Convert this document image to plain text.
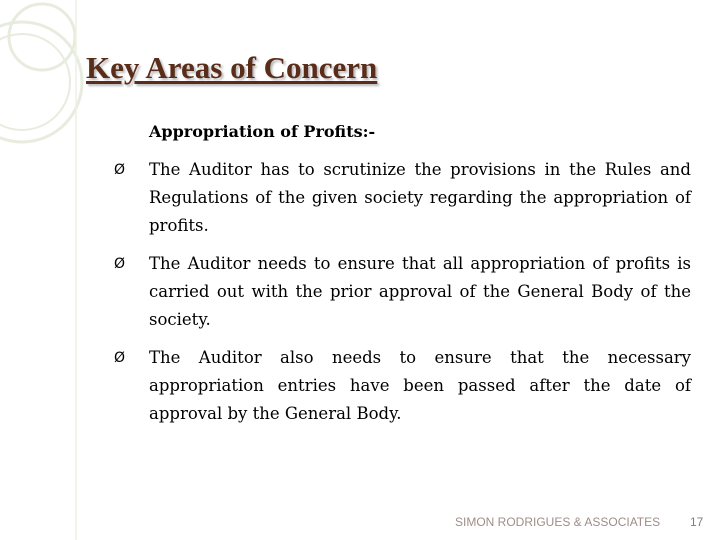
Key Areas of Concern
Appropriation of Profits:-
Ø The Auditor has to scrutinize the provisions in the Rules and Regulations of the given society regarding the appropriation of profits.
Ø The Auditor needs to ensure that all appropriation of profits is carried out with the prior approval of the General Body of the society.
Ø The Auditor also needs to ensure that the necessary appropriation entries have been passed after the date of approval by the General Body.
SIMON RODRIGUES & ASSOCIATES 17
